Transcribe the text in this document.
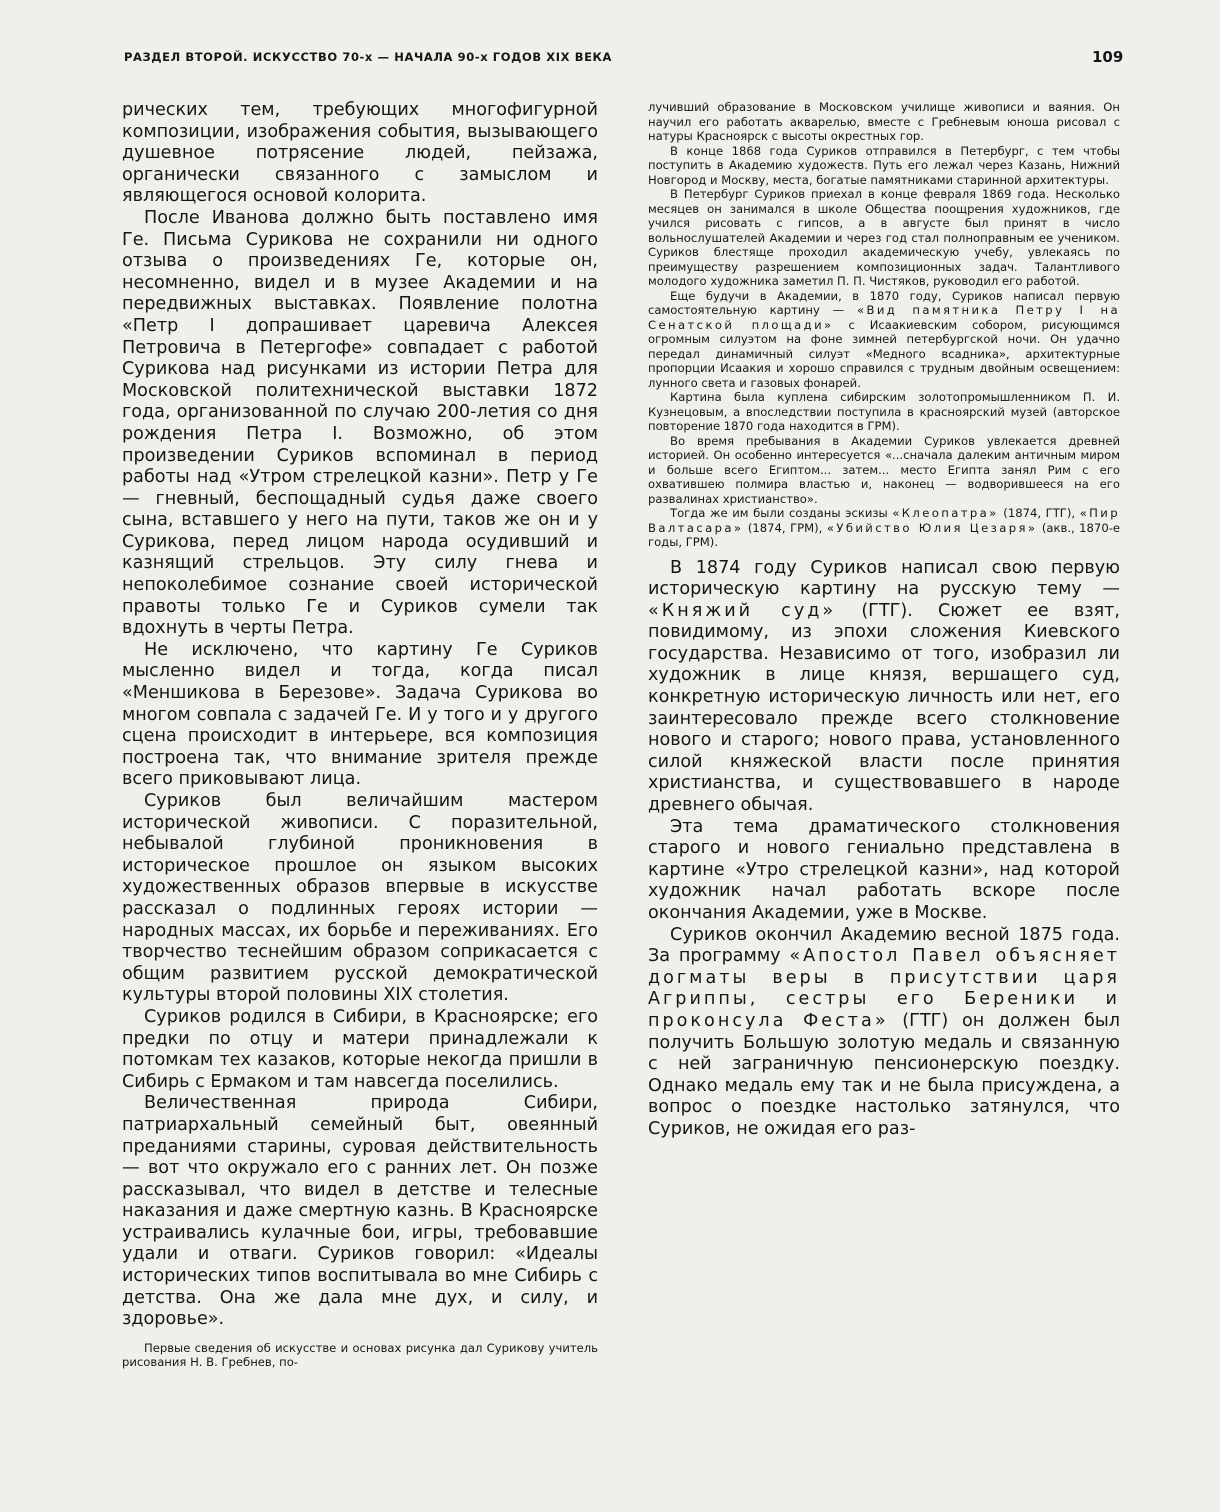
РАЗДЕЛ ВТОРОЙ. ИСКУССТВО 70-х — НАЧАЛА 90-х ГОДОВ XIX ВЕКА	109

рических тем, требующих многофигурной композиции, изображения события, вызывающего душевное потрясение людей, пейзажа, органически связанного с замыслом и являющегося основой колорита.

После Иванова должно быть поставлено имя Ге. Письма Сурикова не сохранили ни одного отзыва о произведениях Ге, которые он, несомненно, видел и в музее Академии и на передвижных выставках. Появление полотна «Петр I допрашивает царевича Алексея Петровича в Петергофе» совпадает с работой Сурикова над рисунками из истории Петра для Московской политехнической выставки 1872 года, организованной по случаю 200-летия со дня рождения Петра I. Возможно, об этом произведении Суриков вспоминал в период работы над «Утром стрелецкой казни». Петр у Ге — гневный, беспощадный судья даже своего сына, вставшего у него на пути, таков же он и у Сурикова, перед лицом народа осудивший и казнящий стрельцов. Эту силу гнева и непоколебимое сознание своей исторической правоты только Ге и Суриков сумели так вдохнуть в черты Петра.

Не исключено, что картину Ге Суриков мысленно видел и тогда, когда писал «Меншикова в Березове». Задача Сурикова во многом совпала с задачей Ге. И у того и у другого сцена происходит в интерьере, вся композиция построена так, что внимание зрителя прежде всего приковывают лица.

Суриков был величайшим мастером исторической живописи. С поразительной, небывалой глубиной проникновения в историческое прошлое он языком высоких художественных образов впервые в искусстве рассказал о подлинных героях истории — народных массах, их борьбе и переживаниях. Его творчество теснейшим образом соприкасается с общим развитием русской демократической культуры второй половины XIX столетия.

Суриков родился в Сибири, в Красноярске; его предки по отцу и матери принадлежали к потомкам тех казаков, которые некогда пришли в Сибирь с Ермаком и там навсегда поселились.

Величественная природа Сибири, патриархальный семейный быт, овеянный преданиями старины, суровая действительность — вот что окружало его с ранних лет. Он позже рассказывал, что видел в детстве и телесные наказания и даже смертную казнь. В Красноярске устраивались кулачные бои, игры, требовавшие удали и отваги. Суриков говорил: «Идеалы исторических типов воспитывала во мне Сибирь с детства. Она же дала мне дух, и силу, и здоровье».

Первые сведения об искусстве и основах рисунка дал Сурикову учитель рисования Н. В. Гребнев, по-

лучивший образование в Московском училище живописи и ваяния. Он научил его работать акварелью, вместе с Гребневым юноша рисовал с натуры Красноярск с высоты окрестных гор.

В конце 1868 года Суриков отправился в Петербург, с тем чтобы поступить в Академию художеств. Путь его лежал через Казань, Нижний Новгород и Москву, места, богатые памятниками старинной архитектуры.

В Петербург Суриков приехал в конце февраля 1869 года. Несколько месяцев он занимался в школе Общества поощрения художников, где учился рисовать с гипсов, а в августе был принят в число вольнослушателей Академии и через год стал полноправным ее учеником. Суриков блестяще проходил академическую учебу, увлекаясь по преимуществу разрешением композиционных задач. Талантливого молодого художника заметил П. П. Чистяков, руководил его работой.

Еще будучи в Академии, в 1870 году, Суриков написал первую самостоятельную картину — «Вид памятника Петру I на Сенатской площади» с Исаакиевским собором, рисующимся огромным силуэтом на фоне зимней петербургской ночи. Он удачно передал динамичный силуэт «Медного всадника», архитектурные пропорции Исаакия и хорошо справился с трудным двойным освещением: лунного света и газовых фонарей.

Картина была куплена сибирским золотопромышленником П. И. Кузнецовым, а впоследствии поступила в красноярский музей (авторское повторение 1870 года находится в ГРМ).

Во время пребывания в Академии Суриков увлекается древней историей. Он особенно интересуется «...сначала далеким античным миром и больше всего Египтом... затем... место Египта занял Рим с его охватившею полмира властью и, наконец — водворившееся на его развалинах христианство».

Тогда же им были созданы эскизы «Клеопатра» (1874, ГТГ), «Пир Валтасара» (1874, ГРМ), «Убийство Юлия Цезаря» (акв., 1870-е годы, ГРМ).

В 1874 году Суриков написал свою первую историческую картину на русскую тему — «Княжий суд» (ГТГ). Сюжет ее взят, повидимому, из эпохи сложения Киевского государства. Независимо от того, изобразил ли художник в лице князя, вершащего суд, конкретную историческую личность или нет, его заинтересовало прежде всего столкновение нового и старого; нового права, установленного силой княжеской власти после принятия христианства, и существовавшего в народе древнего обычая.

Эта тема драматического столкновения старого и нового гениально представлена в картине «Утро стрелецкой казни», над которой художник начал работать вскоре после окончания Академии, уже в Москве.

Суриков окончил Академию весной 1875 года. За программу «Апостол Павел объясняет догматы веры в присутствии царя Агриппы, сестры его Береники и проконсула Феста» (ГТГ) он должен был получить Большую золотую медаль и связанную с ней заграничную пенсионерскую поездку. Однако медаль ему так и не была присуждена, а вопрос о поездке настолько затянулся, что Суриков, не ожидая его раз-
